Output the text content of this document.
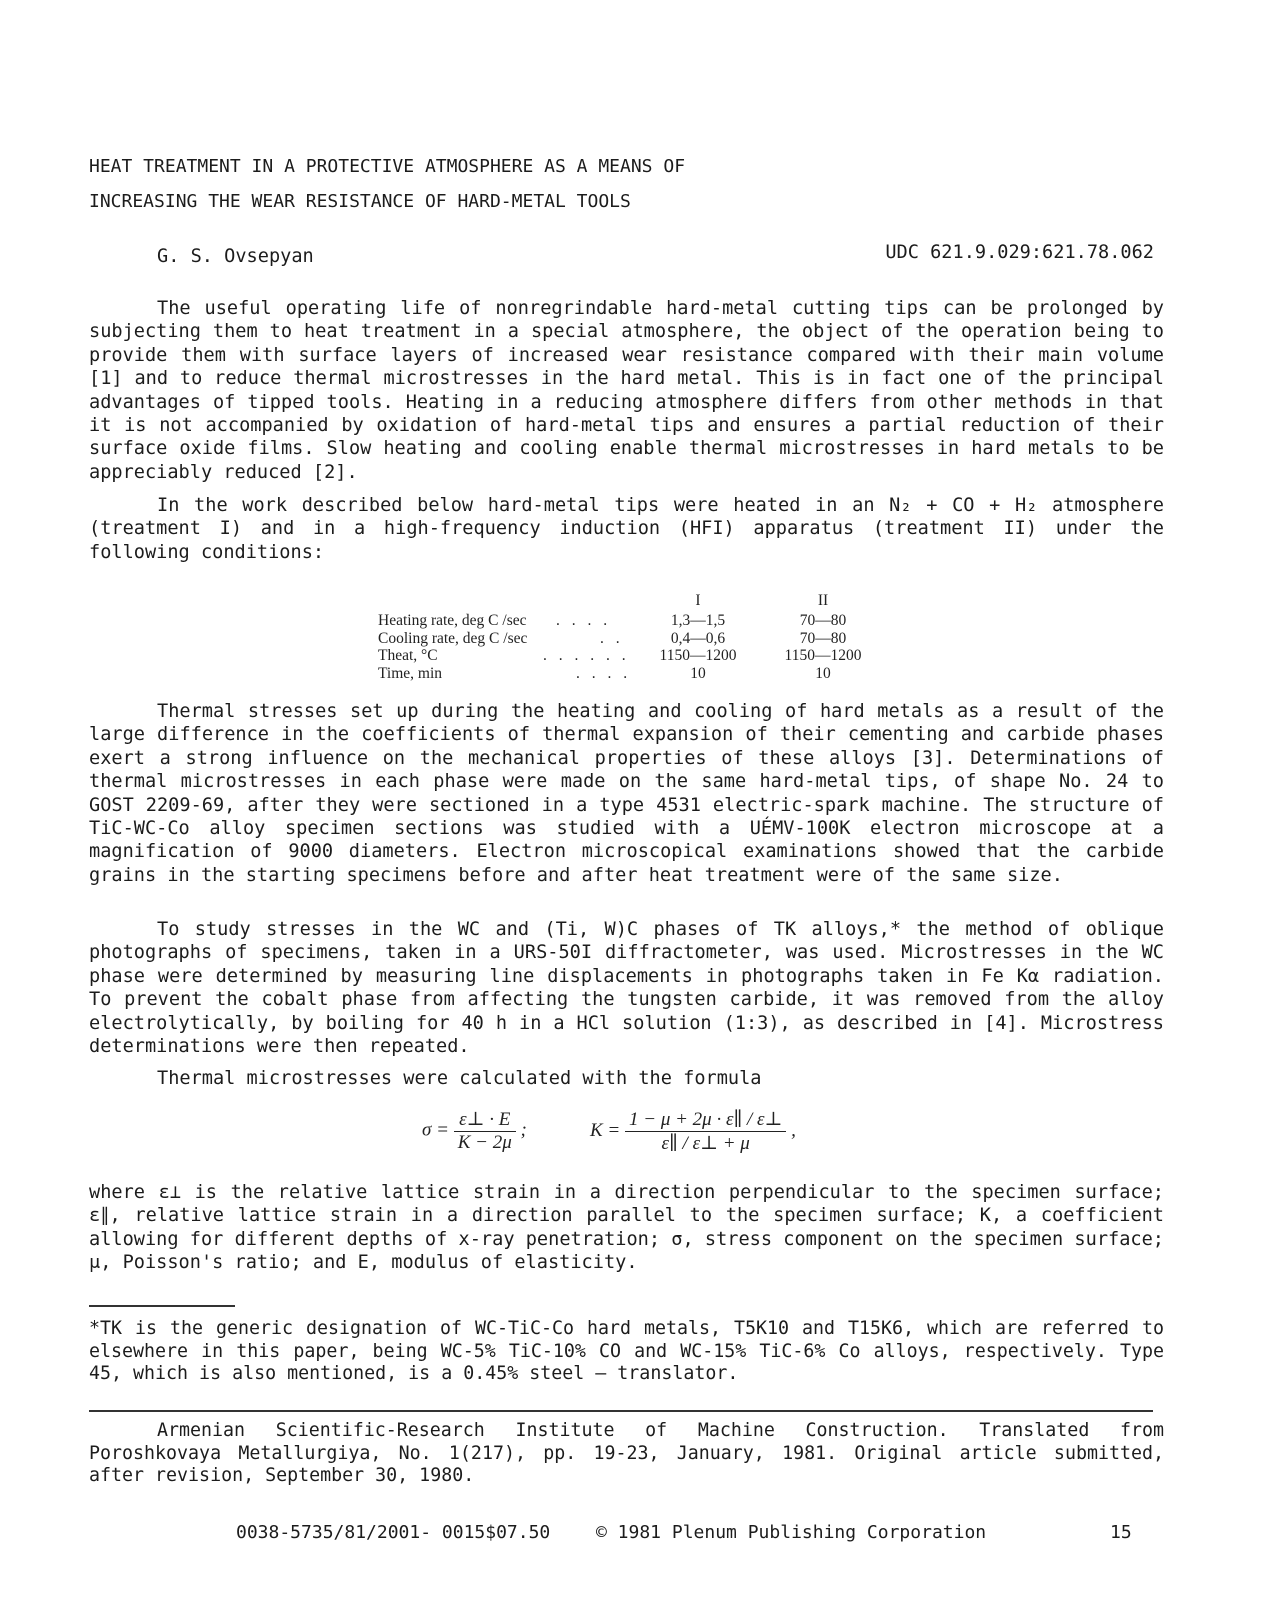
HEAT TREATMENT IN A PROTECTIVE ATMOSPHERE AS A MEANS OF
INCREASING THE WEAR RESISTANCE OF HARD-METAL TOOLS
G. S. Ovsepyan	UDC 621.9.029:621.78.062
The useful operating life of nonregrindable hard-metal cutting tips can be prolonged by subjecting them to heat treatment in a special atmosphere, the object of the operation being to provide them with surface layers of increased wear resistance compared with their main volume [1] and to reduce thermal microstresses in the hard metal. This is in fact one of the principal advantages of tipped tools. Heating in a reducing atmosphere differs from other methods in that it is not accompanied by oxidation of hard-metal tips and ensures a partial reduction of their surface oxide films. Slow heating and cooling enable thermal microstresses in hard metals to be appreciably reduced [2].
In the work described below hard-metal tips were heated in an N₂ + CO + H₂ atmosphere (treatment I) and in a high-frequency induction (HFI) apparatus (treatment II) under the following conditions:
I	II
Heating rate, deg C /sec . . . .	1,3—1,5	70—80
Cooling rate, deg C /sec	. .	0,4—0,6	70—80
Theat, °C	. . . . . .	1150—1200	1150—1200
Time, min	. . . .	10	10
Thermal stresses set up during the heating and cooling of hard metals as a result of the large difference in the coefficients of thermal expansion of their cementing and carbide phases exert a strong influence on the mechanical properties of these alloys [3]. Determinations of thermal microstresses in each phase were made on the same hard-metal tips, of shape No. 24 to GOST 2209-69, after they were sectioned in a type 4531 electric-spark machine. The structure of TiC-WC-Co alloy specimen sections was studied with a UÉMV-100K electron microscope at a magnification of 9000 diameters. Electron microscopical examinations showed that the carbide grains in the starting specimens before and after heat treatment were of the same size.
To study stresses in the WC and (Ti, W)C phases of TK alloys,* the method of oblique photographs of specimens, taken in a URS-50I diffractometer, was used. Microstresses in the WC phase were determined by measuring line displacements in photographs taken in Fe Kα radiation. To prevent the cobalt phase from affecting the tungsten carbide, it was removed from the alloy electrolytically, by boiling for 40 h in a HCl solution (1:3), as described in [4]. Microstress determinations were then repeated.
Thermal microstresses were calculated with the formula
$\sigma = \frac{\varepsilon\perp \cdot E}{K - 2\mu}$ ;	$K = \frac{1 - \mu + 2\mu \cdot \varepsilon\parallel / \varepsilon\perp}{\varepsilon\parallel / \varepsilon\perp + \mu}$ ,
where ε⊥ is the relative lattice strain in a direction perpendicular to the specimen surface; ε∥, relative lattice strain in a direction parallel to the specimen surface; K, a coefficient allowing for different depths of x-ray penetration; σ, stress component on the specimen surface; μ, Poisson's ratio; and E, modulus of elasticity.
*TK is the generic designation of WC-TiC-Co hard metals, T5K10 and T15K6, which are referred to elsewhere in this paper, being WC-5% TiC-10% CO and WC-15% TiC-6% Co alloys, respectively. Type 45, which is also mentioned, is a 0.45% steel — translator.
Armenian Scientific-Research Institute of Machine Construction. Translated from Poroshkovaya Metallurgiya, No. 1(217), pp. 19-23, January, 1981. Original article submitted, after revision, September 30, 1980.
0038-5735/81/2001- 0015$07.50	© 1981 Plenum Publishing Corporation	15
